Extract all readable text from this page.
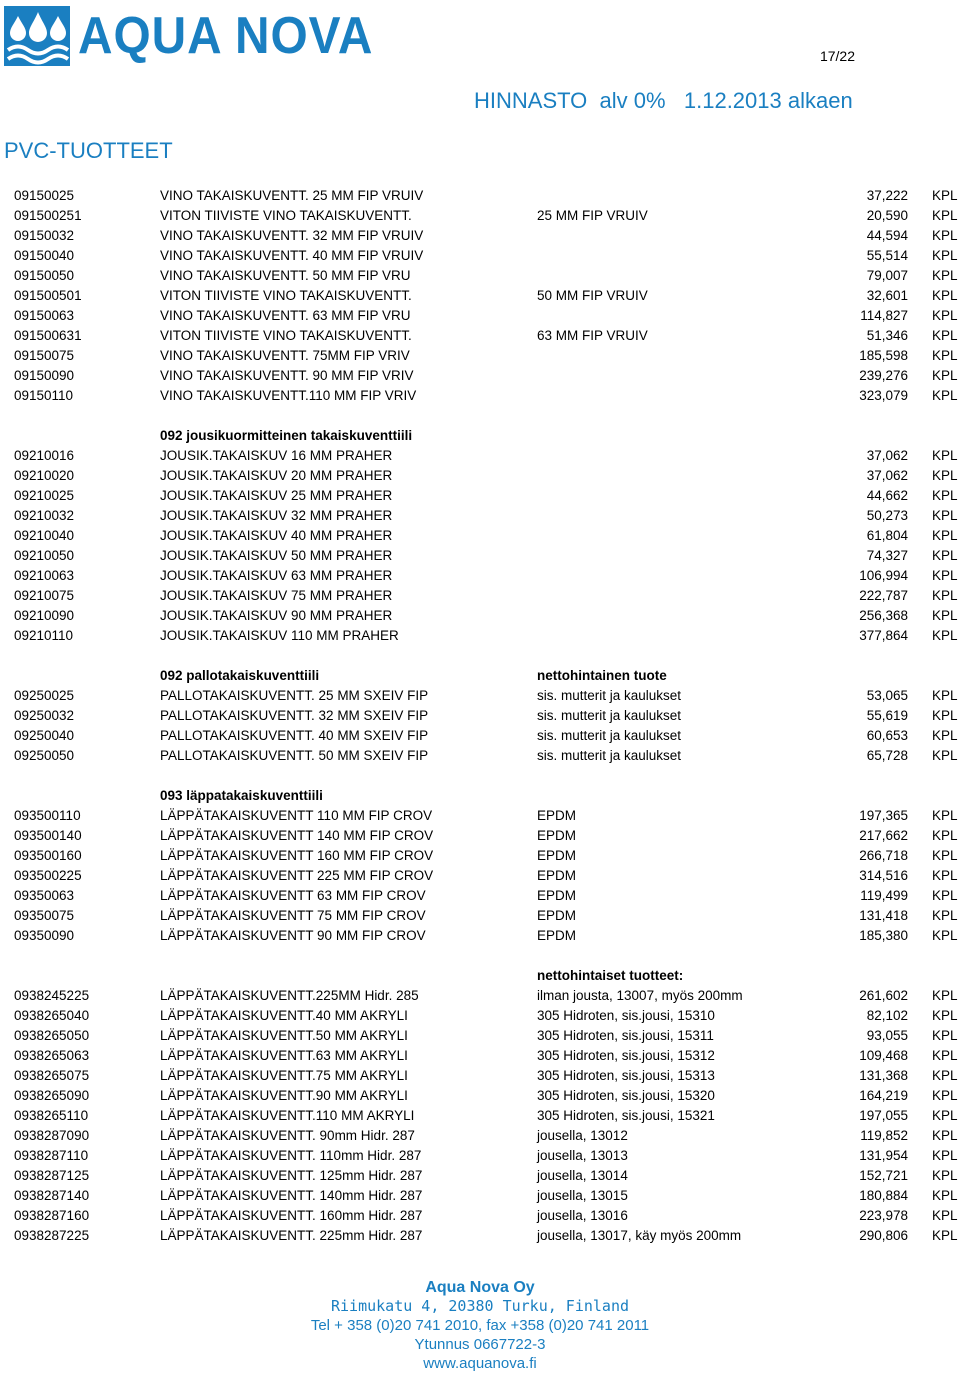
AQUA NOVA	17/22
HINNASTO  alv 0%   1.12.2013 alkaen
PVC-TUOTTEET
09150025	VINO TAKAISKUVENTT. 25 MM FIP VRUIV	37,222 KPL
091500251	VITON TIIVISTE VINO TAKAISKUVENTT.	25 MM FIP VRUIV	20,590 KPL
09150032	VINO TAKAISKUVENTT. 32 MM FIP VRUIV	44,594 KPL
09150040	VINO TAKAISKUVENTT. 40 MM FIP VRUIV	55,514 KPL
09150050	VINO TAKAISKUVENTT. 50 MM FIP VRU	79,007 KPL
091500501	VITON TIIVISTE VINO TAKAISKUVENTT.	50 MM FIP VRUIV	32,601 KPL
09150063	VINO TAKAISKUVENTT. 63 MM FIP VRU	114,827 KPL
091500631	VITON TIIVISTE VINO TAKAISKUVENTT.	63 MM FIP VRUIV	51,346 KPL
09150075	VINO TAKAISKUVENTT. 75MM FIP VRIV	185,598 KPL
09150090	VINO TAKAISKUVENTT. 90 MM FIP VRIV	239,276 KPL
09150110	VINO TAKAISKUVENTT.110 MM FIP VRIV	323,079 KPL
092 jousikuormitteinen takaiskuventtiili
09210016	JOUSIK.TAKAISKUV 16 MM PRAHER	37,062 KPL
09210020	JOUSIK.TAKAISKUV 20 MM PRAHER	37,062 KPL
09210025	JOUSIK.TAKAISKUV 25 MM PRAHER	44,662 KPL
09210032	JOUSIK.TAKAISKUV 32 MM PRAHER	50,273 KPL
09210040	JOUSIK.TAKAISKUV 40 MM PRAHER	61,804 KPL
09210050	JOUSIK.TAKAISKUV 50 MM PRAHER	74,327 KPL
09210063	JOUSIK.TAKAISKUV 63 MM PRAHER	106,994 KPL
09210075	JOUSIK.TAKAISKUV 75 MM PRAHER	222,787 KPL
09210090	JOUSIK.TAKAISKUV 90 MM PRAHER	256,368 KPL
09210110	JOUSIK.TAKAISKUV 110 MM PRAHER	377,864 KPL
092 pallotakaiskuventtiili	nettohintainen tuote
09250025	PALLOTAKAISKUVENTT. 25 MM SXEIV FIP	sis. mutterit ja kaulukset	53,065 KPL
09250032	PALLOTAKAISKUVENTT. 32 MM SXEIV FIP	sis. mutterit ja kaulukset	55,619 KPL
09250040	PALLOTAKAISKUVENTT. 40 MM SXEIV FIP	sis. mutterit ja kaulukset	60,653 KPL
09250050	PALLOTAKAISKUVENTT. 50 MM SXEIV FIP	sis. mutterit ja kaulukset	65,728 KPL
093 läppatakaiskuventtiili
093500110	LÄPPÄTAKAISKUVENTT 110 MM FIP CROV	EPDM	197,365 KPL
093500140	LÄPPÄTAKAISKUVENTT 140 MM FIP CROV	EPDM	217,662 KPL
093500160	LÄPPÄTAKAISKUVENTT 160 MM FIP CROV	EPDM	266,718 KPL
093500225	LÄPPÄTAKAISKUVENTT 225 MM FIP CROV	EPDM	314,516 KPL
09350063	LÄPPÄTAKAISKUVENTT 63 MM FIP CROV	EPDM	119,499 KPL
09350075	LÄPPÄTAKAISKUVENTT 75 MM FIP CROV	EPDM	131,418 KPL
09350090	LÄPPÄTAKAISKUVENTT 90 MM FIP CROV	EPDM	185,380 KPL
nettohintaiset tuotteet:
0938245225	LÄPPÄTAKAISKUVENTT.225MM Hidr. 285	ilman jousta, 13007, myös 200mm	261,602 KPL
0938265040	LÄPPÄTAKAISKUVENTT.40 MM AKRYLI	305 Hidroten, sis.jousi, 15310	82,102 KPL
0938265050	LÄPPÄTAKAISKUVENTT.50 MM AKRYLI	305 Hidroten, sis.jousi, 15311	93,055 KPL
0938265063	LÄPPÄTAKAISKUVENTT.63 MM AKRYLI	305 Hidroten, sis.jousi, 15312	109,468 KPL
0938265075	LÄPPÄTAKAISKUVENTT.75 MM AKRYLI	305 Hidroten, sis.jousi, 15313	131,368 KPL
0938265090	LÄPPÄTAKAISKUVENTT.90 MM AKRYLI	305 Hidroten, sis.jousi, 15320	164,219 KPL
0938265110	LÄPPÄTAKAISKUVENTT.110 MM AKRYLI	305 Hidroten, sis.jousi, 15321	197,055 KPL
0938287090	LÄPPÄTAKAISKUVENTT. 90mm Hidr. 287	jousella, 13012	119,852 KPL
0938287110	LÄPPÄTAKAISKUVENTT. 110mm Hidr. 287	jousella, 13013	131,954 KPL
0938287125	LÄPPÄTAKAISKUVENTT. 125mm Hidr. 287	jousella, 13014	152,721 KPL
0938287140	LÄPPÄTAKAISKUVENTT. 140mm Hidr. 287	jousella, 13015	180,884 KPL
0938287160	LÄPPÄTAKAISKUVENTT. 160mm Hidr. 287	jousella, 13016	223,978 KPL
0938287225	LÄPPÄTAKAISKUVENTT. 225mm Hidr. 287	jousella, 13017, käy myös 200mm	290,806 KPL
Aqua Nova Oy
Riimukatu 4, 20380 Turku, Finland
Tel + 358 (0)20 741 2010, fax +358 (0)20 741 2011
Ytunnus 0667722-3
www.aquanova.fi
